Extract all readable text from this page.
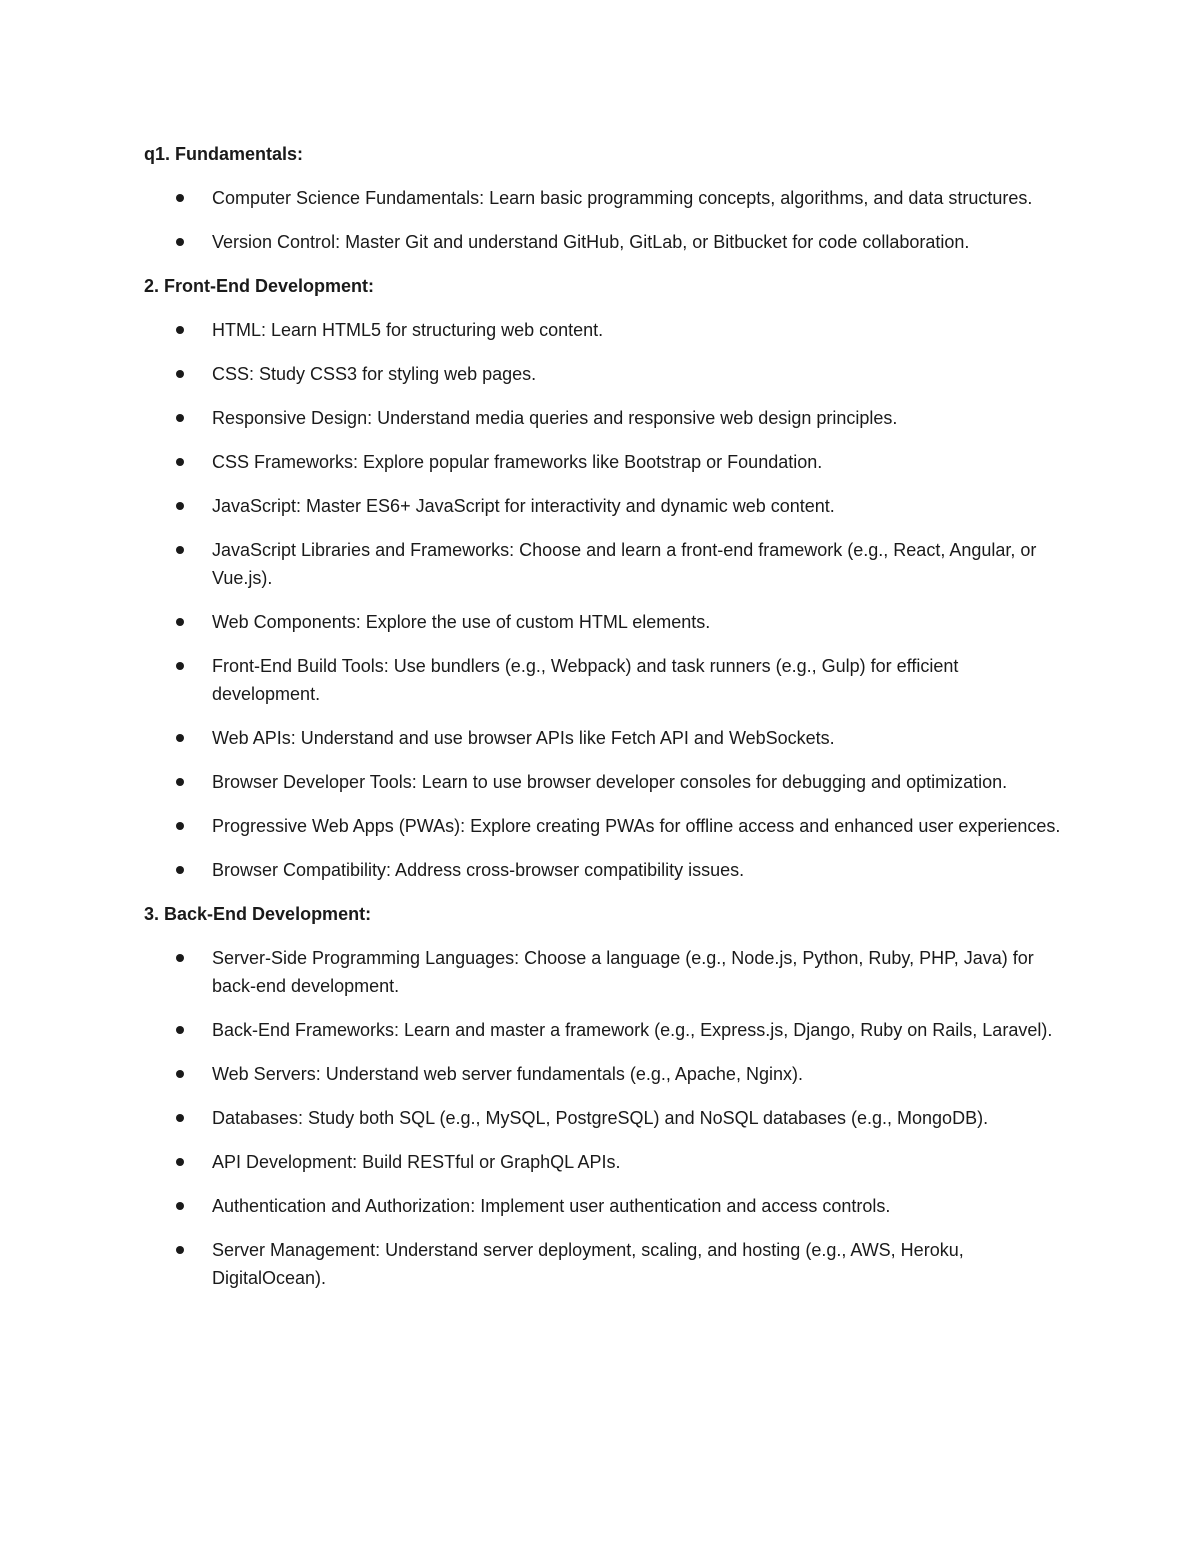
q1. Fundamentals:
Computer Science Fundamentals: Learn basic programming concepts, algorithms, and data structures.
Version Control: Master Git and understand GitHub, GitLab, or Bitbucket for code collaboration.
2. Front-End Development:
HTML: Learn HTML5 for structuring web content.
CSS: Study CSS3 for styling web pages.
Responsive Design: Understand media queries and responsive web design principles.
CSS Frameworks: Explore popular frameworks like Bootstrap or Foundation.
JavaScript: Master ES6+ JavaScript for interactivity and dynamic web content.
JavaScript Libraries and Frameworks: Choose and learn a front-end framework (e.g., React, Angular, or Vue.js).
Web Components: Explore the use of custom HTML elements.
Front-End Build Tools: Use bundlers (e.g., Webpack) and task runners (e.g., Gulp) for efficient development.
Web APIs: Understand and use browser APIs like Fetch API and WebSockets.
Browser Developer Tools: Learn to use browser developer consoles for debugging and optimization.
Progressive Web Apps (PWAs): Explore creating PWAs for offline access and enhanced user experiences.
Browser Compatibility: Address cross-browser compatibility issues.
3. Back-End Development:
Server-Side Programming Languages: Choose a language (e.g., Node.js, Python, Ruby, PHP, Java) for back-end development.
Back-End Frameworks: Learn and master a framework (e.g., Express.js, Django, Ruby on Rails, Laravel).
Web Servers: Understand web server fundamentals (e.g., Apache, Nginx).
Databases: Study both SQL (e.g., MySQL, PostgreSQL) and NoSQL databases (e.g., MongoDB).
API Development: Build RESTful or GraphQL APIs.
Authentication and Authorization: Implement user authentication and access controls.
Server Management: Understand server deployment, scaling, and hosting (e.g., AWS, Heroku, DigitalOcean).
